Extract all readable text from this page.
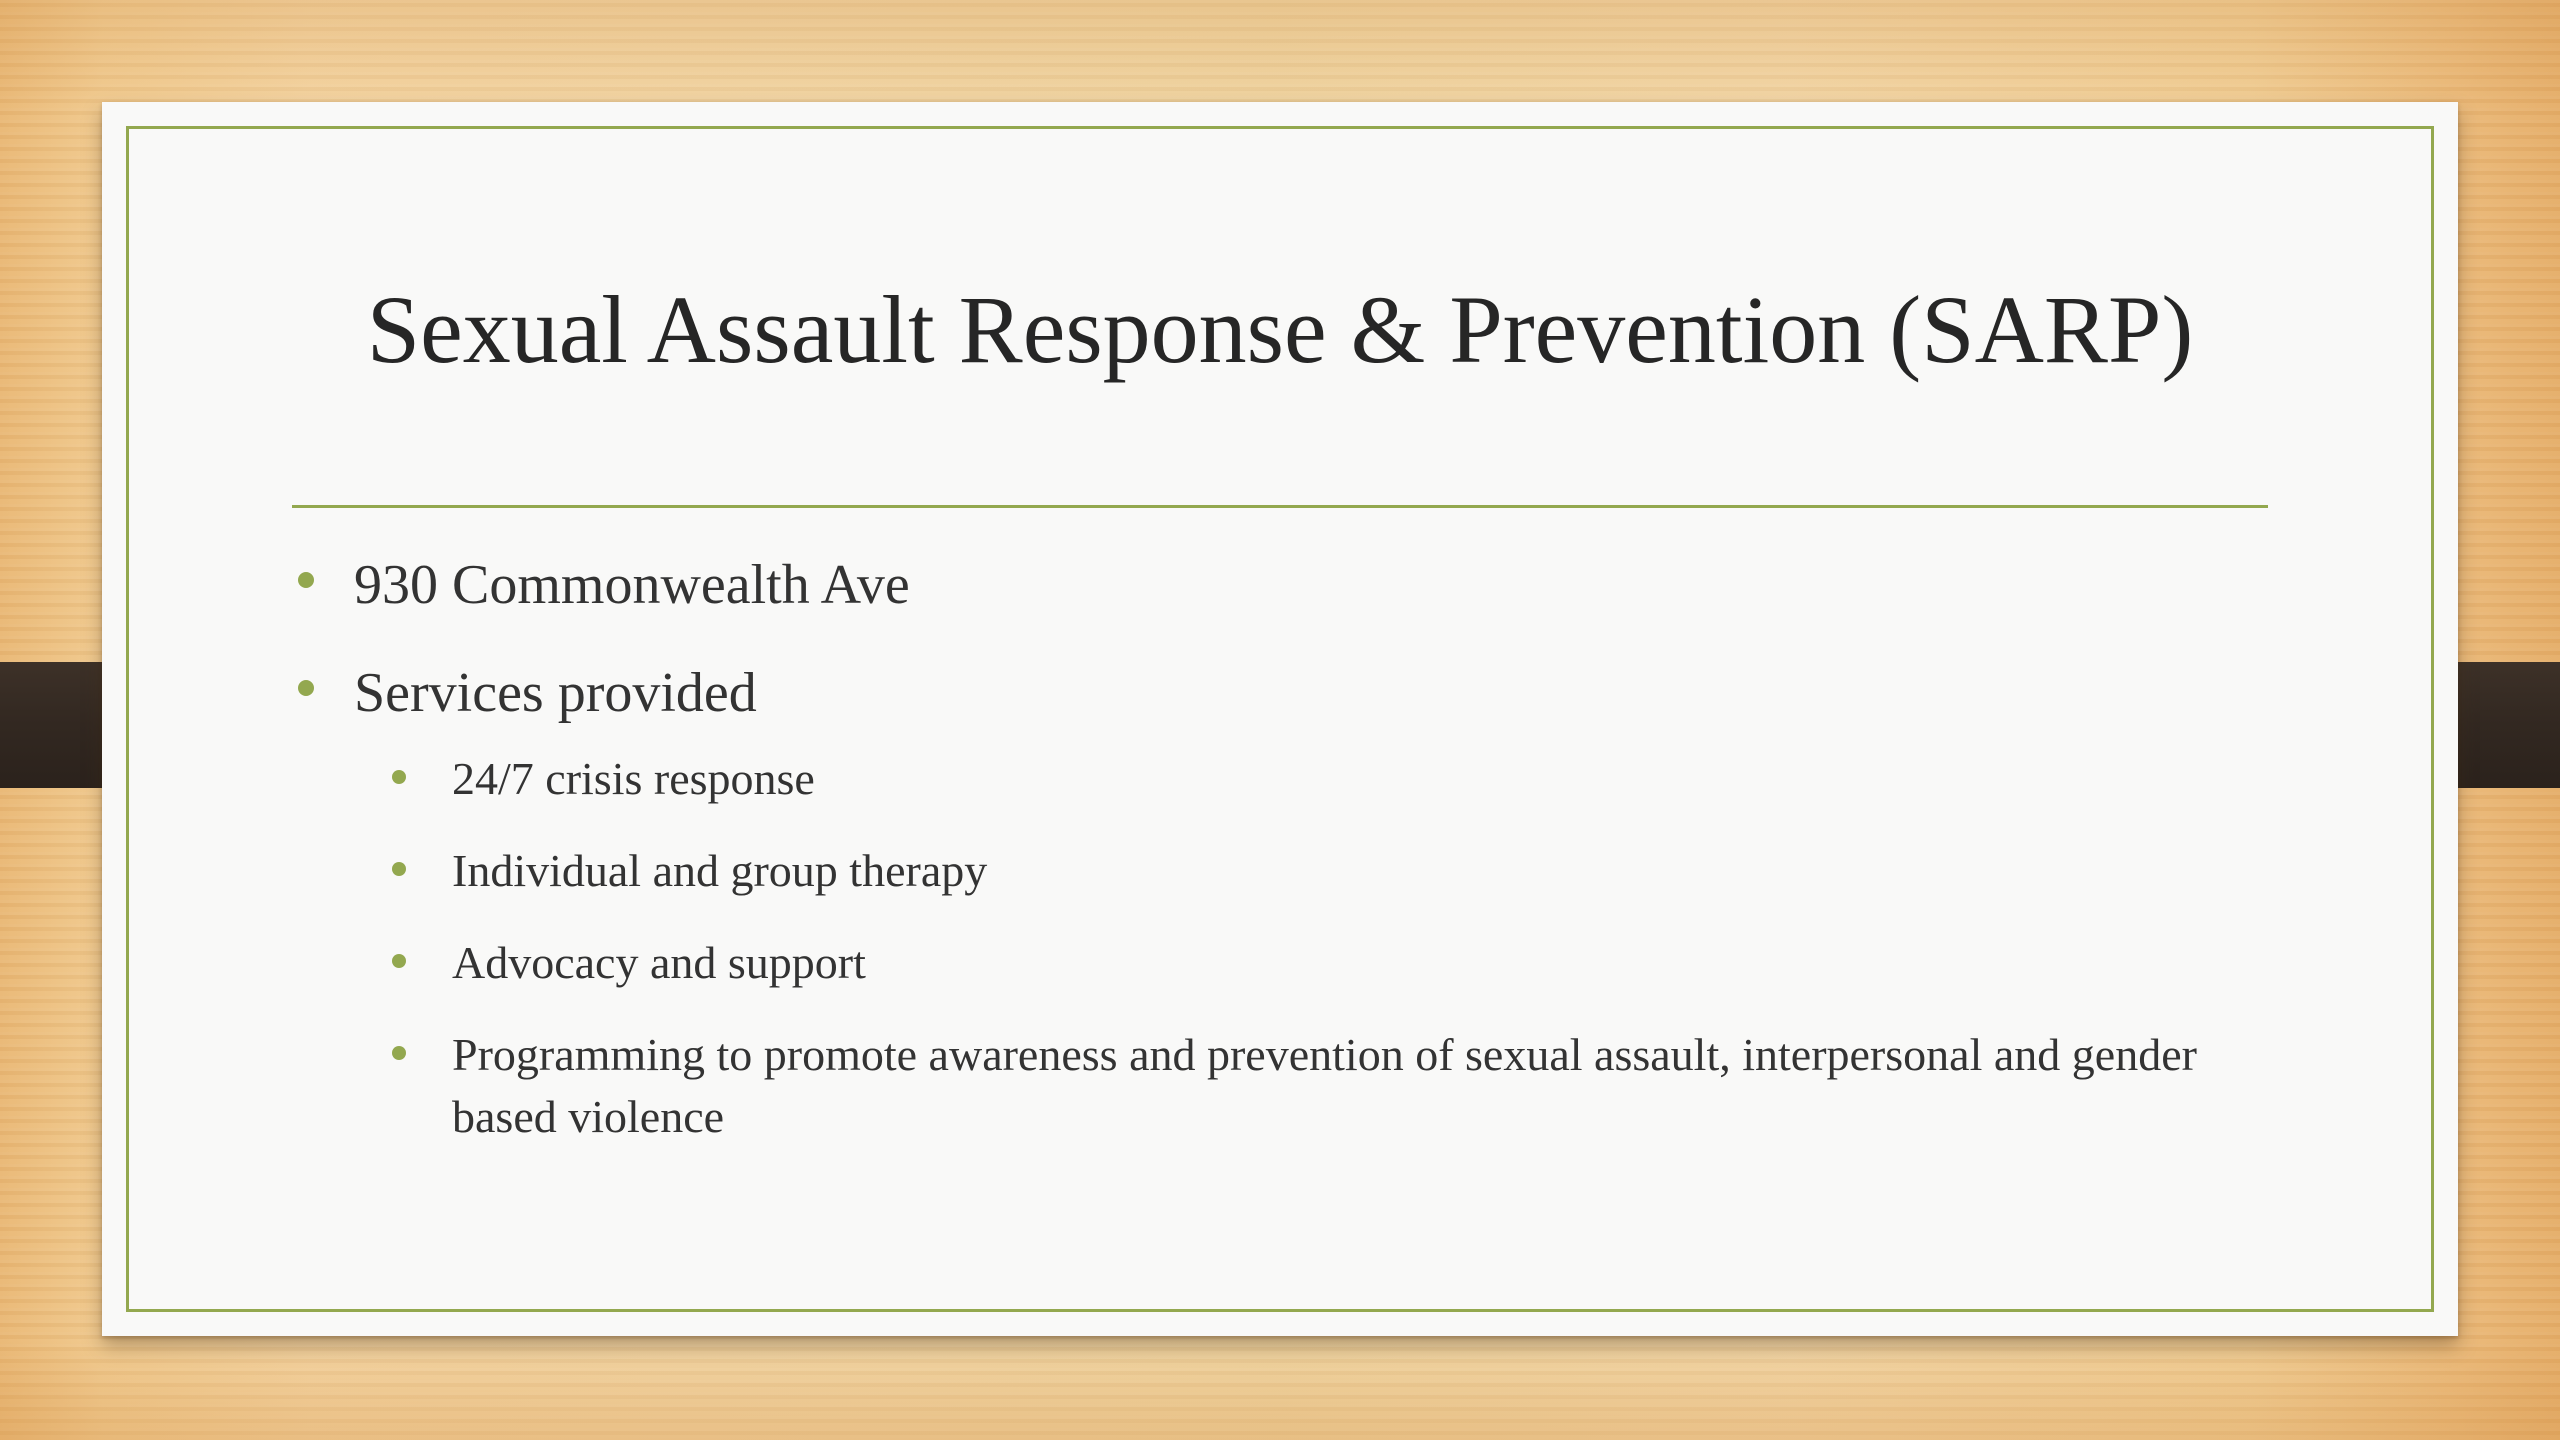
Sexual Assault Response & Prevention (SARP)
930 Commonwealth Ave
Services provided
24/7 crisis response
Individual and group therapy
Advocacy and support
Programming to promote awareness and prevention of sexual assault, interpersonal and gender based violence
